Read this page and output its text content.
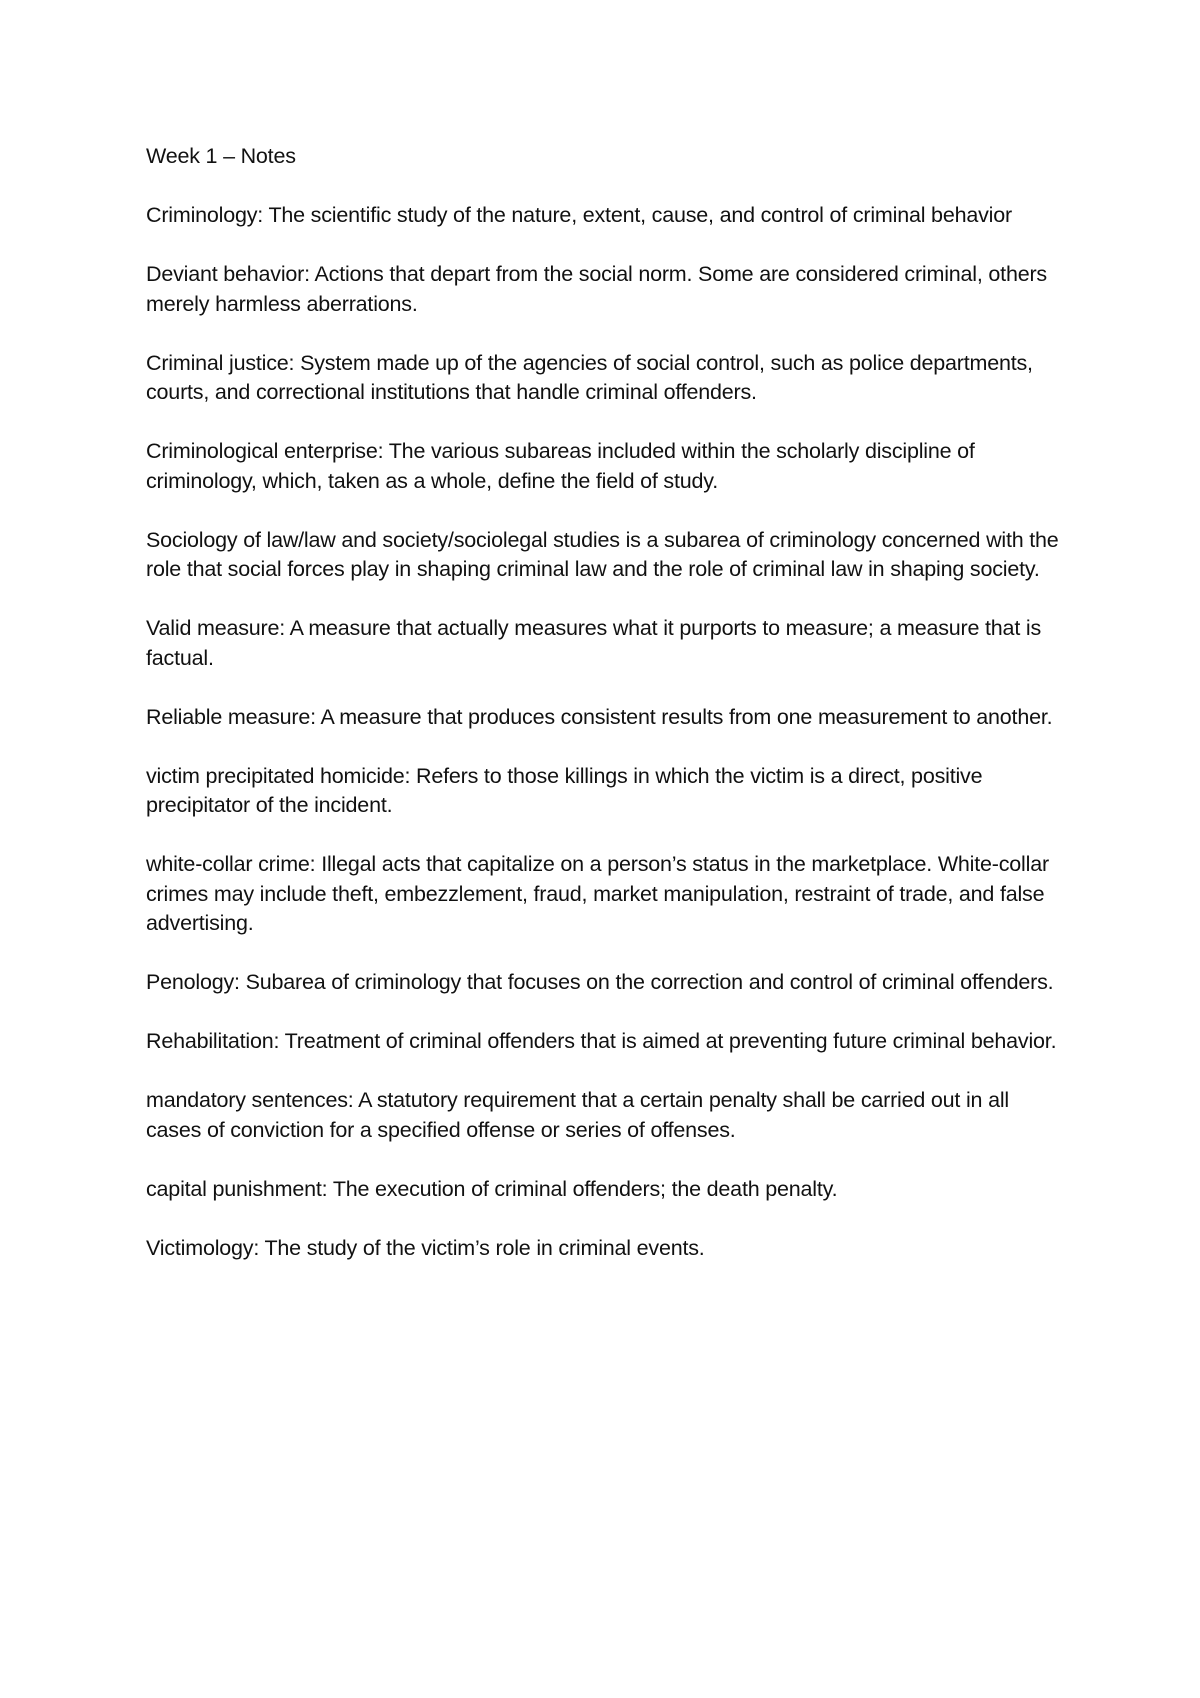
Week 1 – Notes

Criminology: The scientific study of the nature, extent, cause, and control of criminal behavior

Deviant behavior: Actions that depart from the social norm. Some are considered criminal, others merely harmless aberrations.

Criminal justice: System made up of the agencies of social control, such as police departments, courts, and correctional institutions that handle criminal offenders.

Criminological enterprise: The various subareas included within the scholarly discipline of criminology, which, taken as a whole, define the field of study.

Sociology of law/law and society/sociolegal studies is a subarea of criminology concerned with the role that social forces play in shaping criminal law and the role of criminal law in shaping society.

Valid measure: A measure that actually measures what it purports to measure; a measure that is factual.

Reliable measure: A measure that produces consistent results from one measurement to another.

victim precipitated homicide: Refers to those killings in which the victim is a direct, positive precipitator of the incident.

white-collar crime: Illegal acts that capitalize on a person’s status in the marketplace. White-collar crimes may include theft, embezzlement, fraud, market manipulation, restraint of trade, and false advertising.

Penology: Subarea of criminology that focuses on the correction and control of criminal offenders.

Rehabilitation: Treatment of criminal offenders that is aimed at preventing future criminal behavior.

mandatory sentences: A statutory requirement that a certain penalty shall be carried out in all cases of conviction for a specified offense or series of offenses.

capital punishment: The execution of criminal offenders; the death penalty.

Victimology: The study of the victim’s role in criminal events.
